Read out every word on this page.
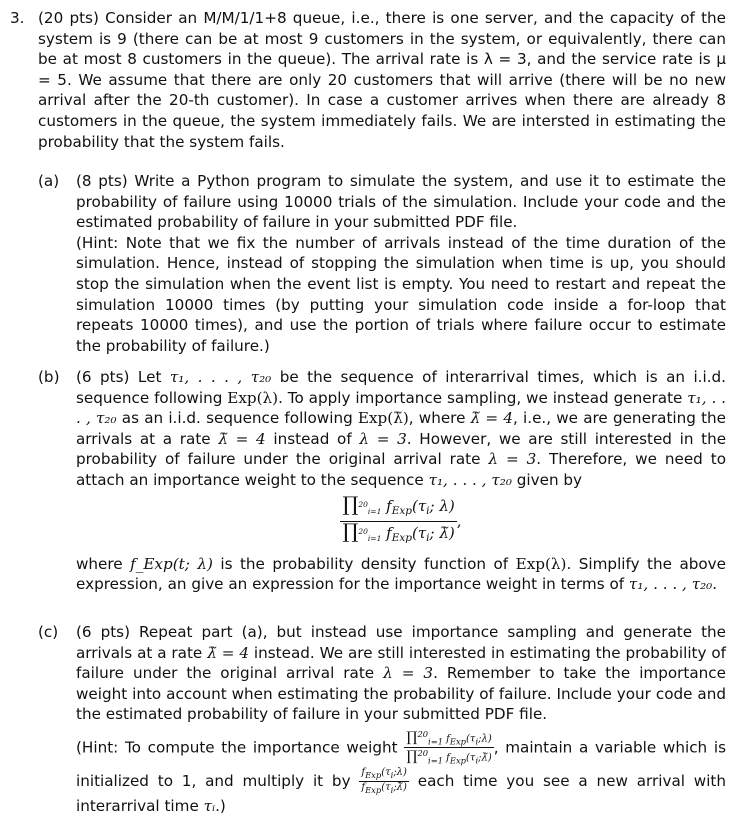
3. (20 pts) Consider an M/M/1/1+8 queue, i.e., there is one server, and the capacity of the system is 9 (there can be at most 9 customers in the system, or equivalently, there can be at most 8 customers in the queue). The arrival rate is λ = 3, and the service rate is μ = 5. We assume that there are only 20 customers that will arrive (there will be no new arrival after the 20-th customer). In case a customer arrives when there are already 8 customers in the queue, the system immediately fails. We are intersted in estimating the probability that the system fails.
(a) (8 pts) Write a Python program to simulate the system, and use it to estimate the probability of failure using 10000 trials of the simulation. Include your code and the estimated probability of failure in your submitted PDF file.
(Hint: Note that we fix the number of arrivals instead of the time duration of the simulation. Hence, instead of stopping the simulation when time is up, you should stop the simulation when the event list is empty. You need to restart and repeat the simulation 10000 times (by putting your simulation code inside a for-loop that repeats 10000 times), and use the portion of trials where failure occur to estimate the probability of failure.)
(b) (6 pts) Let τ₁, . . . , τ₂₀ be the sequence of interarrival times, which is an i.i.d. sequence following Exp(λ). To apply importance sampling, we instead generate τ₁, . . . , τ₂₀ as an i.i.d. sequence following Exp(λ̃), where λ̃ = 4, i.e., we are generating the arrivals at a rate λ̃ = 4 instead of λ = 3. However, we are still interested in the probability of failure under the original arrival rate λ = 3. Therefore, we need to attach an importance weight to the sequence τ₁, . . . , τ₂₀ given by
$\frac{\prod^{20}_{i=1} f_{Exp}(\tau_i; \lambda)}{\prod^{20}_{i=1} f_{Exp}(\tau_i; \lambdã)}$ ,
where f_Exp(t; λ) is the probability density function of Exp(λ). Simplify the above expression, an give an expression for the importance weight in terms of τ₁, . . . , τ₂₀.
(c) (6 pts) Repeat part (a), but instead use importance sampling and generate the arrivals at a rate λ̃ = 4 instead. We are still interested in estimating the probability of failure under the original arrival rate λ = 3. Remember to take the importance weight into account when estimating the probability of failure. Include your code and the estimated probability of failure in your submitted PDF file.
(Hint: To compute the importance weight $\frac{\prod^{20}_{i=1} f_{Exp}(\tau_i;\lambda)}{\prod^{20}_{i=1} f_{Exp}(\tau_i;\lambdã)}$ , maintain a variable which is initialized to 1, and multiply it by $\frac{f_{Exp}(\tau_i;\lambda)}{f_{Exp}(\tau_i;\lambdã)}$ each time you see a new arrival with interarrival time τᵢ.)
